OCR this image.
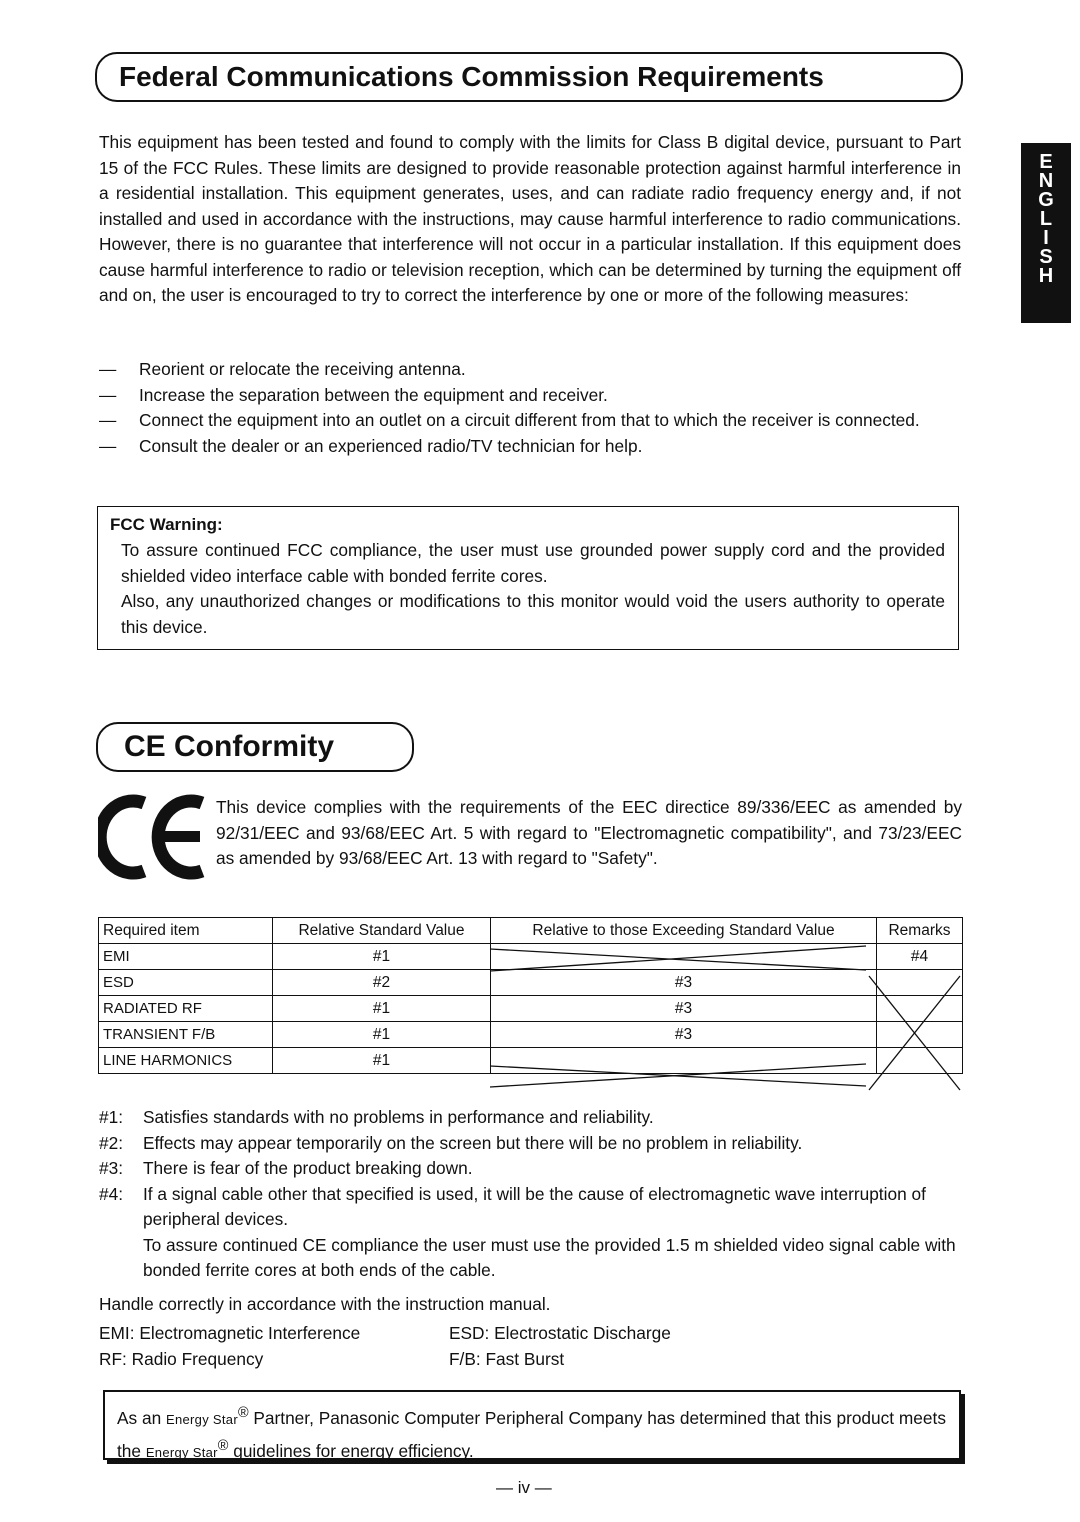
Federal Communications Commission Requirements
This equipment has been tested and found to comply with the limits for Class B digital device, pursuant to Part 15 of the FCC Rules. These limits are designed to provide reasonable protection against harmful interference in a residential installation. This equipment generates, uses, and can radiate radio frequency energy and, if not installed and used in accordance with the instructions, may cause harmful interference to radio communications. However, there is no guarantee that interference will not occur in a particular installation. If this equipment does cause harmful interference to radio or television reception, which can be determined by turning the equipment off and on, the user is encouraged to try to correct the interference by one or more of the following measures:
—	Reorient or relocate the receiving antenna.
—	Increase the separation between the equipment and receiver.
—	Connect the equipment into an outlet on a circuit different from that to which the receiver is connected.
—	Consult the dealer or an experienced radio/TV technician for help.
FCC Warning:

To assure continued FCC compliance, the user must use grounded power supply cord and the provided shielded video interface cable with bonded ferrite cores.

Also, any unauthorized changes or modifications to this monitor would void the users authority to operate this device.

E
N
G
L
I
S
H
CE Conformity
This device complies with the requirements of the EEC directice 89/336/EEC as amended by 92/31/EEC and 93/68/EEC Art. 5 with regard to "Electromagnetic compatibility", and 73/23/EEC as amended by 93/68/EEC Art. 13 with regard to "Safety".
Required item	Relative Standard Value	Relative to those Exceeding Standard Value	Remarks
EMI	#1		#4
ESD	#2	#3	
RADIATED RF	#1	#3	
TRANSIENT F/B	#1	#3	
LINE HARMONICS	#1		
#1:	Satisfies standards with no problems in performance and reliability.
#2:	Effects may appear temporarily on the screen but there will be no problem in reliability.
#3:	There is fear of the product breaking down.
#4:	If a signal cable other that specified is used, it will be the cause of electromagnetic wave interruption of peripheral devices.
To assure continued CE compliance the user must use the provided 1.5 m shielded video signal cable with bonded ferrite cores at both ends of the cable.
Handle correctly in accordance with the instruction manual.
EMI: Electromagnetic Interference	ESD: Electrostatic Discharge
RF: Radio Frequency	F/B: Fast Burst
As an Energy Star® Partner, Panasonic Computer Peripheral Company has determined that this product meets the Energy Star® guidelines for energy efficiency.
— iv —
